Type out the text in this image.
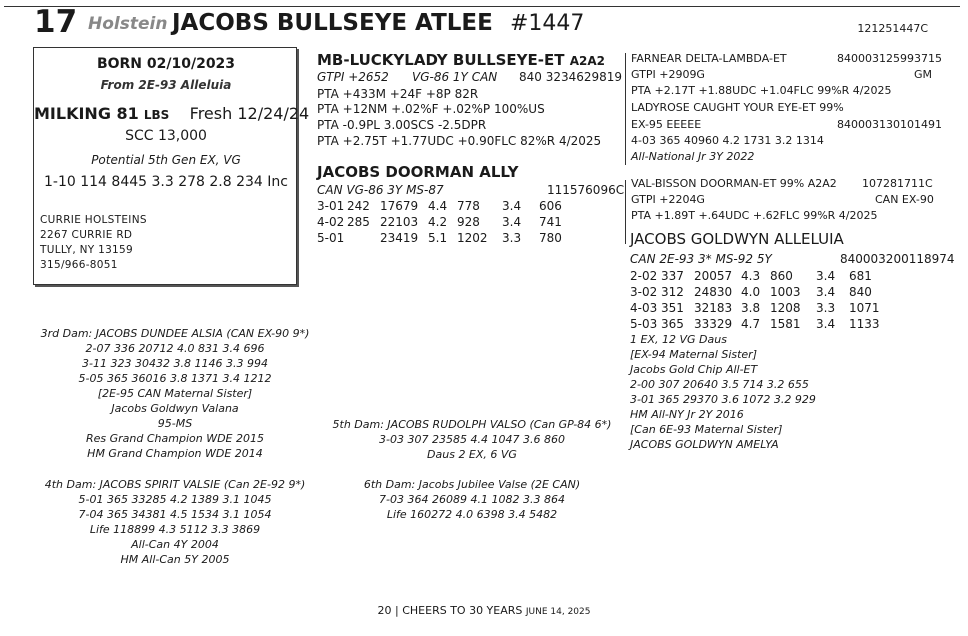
17 Holstein JACOBS BULLSEYE ATLEE #1447	121251447C
BORN 02/10/2023
From 2E-93 Alleluia
MILKING 81 LBS Fresh 12/24/24
SCC 13,000
Potential 5th Gen EX, VG
1-10 114 8445 3.3 278 2.8 234 Inc
CURRIE HOLSTEINS
2267 CURRIE RD
TULLY, NY 13159
315/966-8051
MB-LUCKYLADY BULLSEYE-ET A2A2
GTPI +2652 VG-86 1Y CAN 840 3234629819
PTA +433M +24F +8P 82R
PTA +12NM +.02%F +.02%P 100%US
PTA -0.9PL 3.00SCS -2.5DPR
PTA +2.75T +1.77UDC +0.90FLC 82%R 4/2025
FARNEAR DELTA-LAMBDA-ET	840003125993715
GTPI +2909G	GM
PTA +2.17T +1.88UDC +1.04FLC 99%R 4/2025
LADYROSE CAUGHT YOUR EYE-ET 99%
EX-95 EEEEE	840003130101491
4-03 365 40960 4.2 1731 3.2 1314
All-National Jr 3Y 2022
JACOBS DOORMAN ALLY
CAN VG-86 3Y MS-87	111576096C
3-01	242	17679	4.4	778	3.4	606
4-02	285	22103	4.2	928	3.4	741
5-01		23419	5.1	1202	3.3	780
VAL-BISSON DOORMAN-ET 99% A2A2 107281711C
GTPI +2204G	CAN EX-90
PTA +1.89T +.64UDC +.62FLC 99%R 4/2025
JACOBS GOLDWYN ALLELUIA
CAN 2E-93 3* MS-92 5Y	840003200118974
2-02	337	20057	4.3	860	3.4	681
3-02	312	24830	4.0	1003	3.4	840
4-03	351	32183	3.8	1208	3.3	1071
5-03	365	33329	4.7	1581	3.4	1133
1 EX, 12 VG Daus
[EX-94 Maternal Sister]
Jacobs Gold Chip All-ET
2-00 307 20640 3.5 714 3.2 655
3-01 365 29370 3.6 1072 3.2 929
HM All-NY Jr 2Y 2016
[Can 6E-93 Maternal Sister]
JACOBS GOLDWYN AMELYA
3rd Dam: JACOBS DUNDEE ALSIA (CAN EX-90 9*)
2-07 336 20712 4.0 831 3.4 696
3-11 323 30432 3.8 1146 3.3 994
5-05 365 36016 3.8 1371 3.4 1212
[2E-95 CAN Maternal Sister]
Jacobs Goldwyn Valana
95-MS
Res Grand Champion WDE 2015
HM Grand Champion WDE 2014
4th Dam: JACOBS SPIRIT VALSIE (Can 2E-92 9*)
5-01 365 33285 4.2 1389 3.1 1045
7-04 365 34381 4.5 1534 3.1 1054
Life 118899 4.3 5112 3.3 3869
All-Can 4Y 2004
HM All-Can 5Y 2005
5th Dam: JACOBS RUDOLPH VALSO (Can GP-84 6*)
3-03 307 23585 4.4 1047 3.6 860
Daus 2 EX, 6 VG
6th Dam: Jacobs Jubilee Valse (2E CAN)
7-03 364 26089 4.1 1082 3.3 864
Life 160272 4.0 6398 3.4 5482
20 | CHEERS TO 30 YEARS JUNE 14, 2025
